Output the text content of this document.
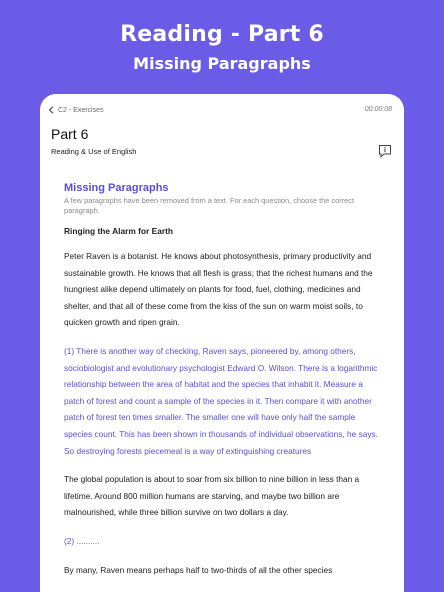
Reading - Part 6
Missing Paragraphs
C2 - Exercises	00:00:08
Part 6
Reading & Use of English
Missing Paragraphs
A few paragraphs have been removed from a text. For each question, choose the correct paragraph.
Ringing the Alarm for Earth

Peter Raven is a botanist. He knows about photosynthesis, primary productivity and sustainable growth. He knows that all flesh is grass; that the richest humans and the hungriest alike depend ultimately on plants for food, fuel, clothing, medicines and shelter, and that all of these come from the kiss of the sun on warm moist soils, to quicken growth and ripen grain.

(1) There is another way of checking, Raven says, pioneered by, among others, sociobiologist and evolutionary psychologist Edward O. Wilson. There is a logarithmic relationship between the area of habitat and the species that inhabit it. Measure a patch of forest and count a sample of the species in it. Then compare it with another patch of forest ten times smaller. The smaller one will have only half the sample species count. This has been shown in thousands of individual observations, he says. So destroying forests piecemeal is a way of extinguishing creatures

The global population is about to soar from six billion to nine billion in less than a lifetime. Around 800 million humans are starving, and maybe two billion are malnourished, while three billion survive on two dollars a day.

(2) ..........

By many, Raven means perhaps half to two-thirds of all the other species
